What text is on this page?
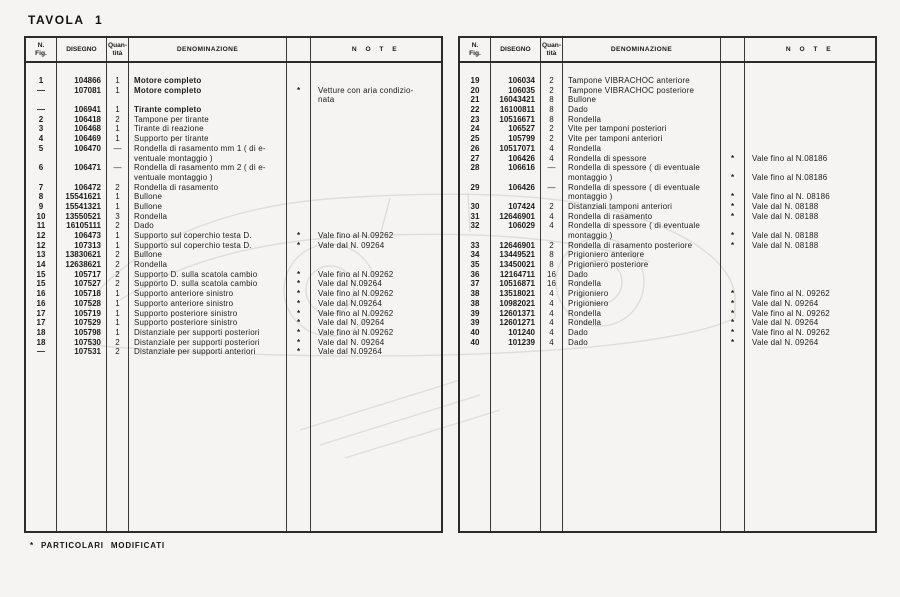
TAVOLA 1
N.
Fig.
DISEGNO
Quan-
tità
DENOMINAZIONE	N O T E
1
—
—
2
3
4
5
6
7
8
9
10
11
12
12
13
14
15
15
16
16
17
17
18
18
—
104866
107081
106941
106418
106468
106469
106470
106471
106472
15541621
15541321
13550521
16105111
106473
107313
13830621
12638621
105717
107527
105718
107528
105719
107529
105798
107530
107531
1
1
1
2
1
1
—
—
2
1
1
3
2
1
1
2
2
2
2
1
1
1
1
1
2
2
Motore completo
Motore completo
Tirante completo
Tampone per tirante
Tirante di reazione
Supporto per tirante
Rondella di rasamento mm 1 ( di e-
ventuale montaggio )
Rondella di rasamento mm 2 ( di e-
ventuale montaggio )
Rondella di rasamento
Bullone
Bullone
Rondella
Dado
Supporto sul coperchio testa D.
Supporto sul coperchio testa D.
Bullone
Rondella
Supporto D. sulla scatola cambio
Supporto D. sulla scatola cambio
Supporto anteriore sinistro
Supporto anteriore sinistro
Supporto posteriore sinistro
Supporto posteriore sinistro
Distanziale per supporti posteriori
Distanziale per supporti posteriori
Distanziale per supporti anteriori
*
*
*
*
*
*
*
*
*
*
*
*
Vetture con aria condizio-
nata
Vale fino al N.09262
Vale dal N. 09264
Vale fino al N.09262
Vale dal N.09264
Vale fino al N.09262
Vale dal N.09264
Vale fino al N.09262
Vale dal N. 09264
Vale fino al N.09262
Vale dal N. 09264
Vale dal N.09264
N.
Fig.
DISEGNO
Quan-
tità
DENOMINAZIONE	N O T E
19
20
21
22
23
24
25
26
27
28
29
30
31
32
33
34
35
36
37
38
38
39
39
40
40
106034
106035
16043421
16100811
10516671
106527
105799
10517071
106426
106616
106426
107424
12646901
106029
12646901
13449521
13450021
12164711
10516871
13518021
10982021
12601371
12601271
101240
101239
2
2
8
8
8
2
2
4
4
—
—
2
4
4
2
8
8
16
16
4
4
4
4
4
4
Tampone VIBRACHOC anteriore
Tampone VIBRACHOC posteriore
Bullone
Dado
Rondella
Vite per tamponi posteriori
Vite per tamponi anteriori
Rondella
Rondella di spessore
Rondella di spessore ( di eventuale
montaggio )
Rondella di spessore ( di eventuale
montaggio )
Distanziali tamponi anteriori
Rondella di rasamento
Rondella di spessore ( di eventuale
montaggio )
Rondella di rasamento posteriore
Prigioniero anteriore
Prigioniero posteriore
Dado
Rondella
Prigioniero
Prigioniero
Rondella
Rondella
Dado
Dado
*
*
*
*
*
*
*
*
*
*
*
*
*
Vale fino al N.08186
Vale fino al N.08186
Vale fino al N. 08186
Vale dal N. 08188
Vale dal N. 08188
Vale dal N. 08188
Vale dal N. 08188
Vale fino al N. 09262
Vale dal N. 09264
Vale fino al N. 09262
Vale dal N. 09264
Vale fino al N. 09262
Vale dal N. 09264
* PARTICOLARI MODIFICATI
